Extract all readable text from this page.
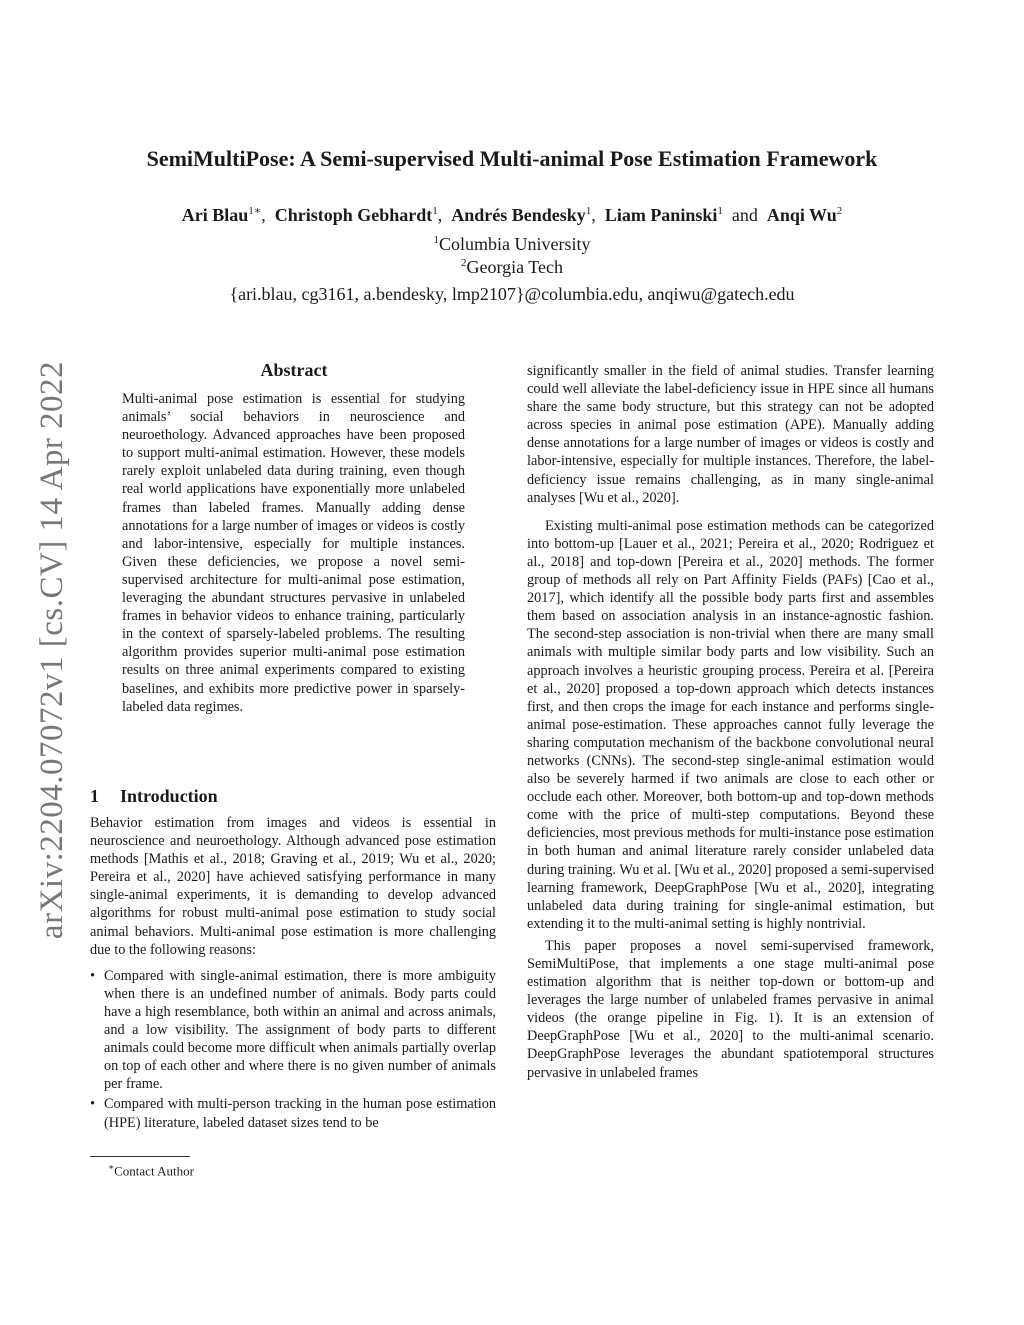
arXiv:2204.07072v1 [cs.CV] 14 Apr 2022
SemiMultiPose: A Semi-supervised Multi-animal Pose Estimation Framework
Ari Blau$^{1∗}$, Christoph Gebhardt$^1$, Andrés Bendesky$^1$, Liam Paninski$^1$ and Anqi Wu$^2$
$^1$Columbia University
$^2$Georgia Tech
{ari.blau, cg3161, a.bendesky, lmp2107}@columbia.edu, anqiwu@gatech.edu
Abstract
Multi-animal pose estimation is essential for studying animals’ social behaviors in neuroscience and neuroethology. Advanced approaches have been proposed to support multi-animal estimation. However, these models rarely exploit unlabeled data during training, even though real world applications have exponentially more unlabeled frames than labeled frames. Manually adding dense annotations for a large number of images or videos is costly and labor-intensive, especially for multiple instances. Given these deficiencies, we propose a novel semi-supervised architecture for multi-animal pose estimation, leveraging the abundant structures pervasive in unlabeled frames in behavior videos to enhance training, particularly in the context of sparsely-labeled problems. The resulting algorithm provides superior multi-animal pose estimation results on three animal experiments compared to existing baselines, and exhibits more predictive power in sparsely-labeled data regimes.
1 Introduction

Behavior estimation from images and videos is essential in neuroscience and neuroethology. Although advanced pose estimation methods [Mathis et al., 2018; Graving et al., 2019; Wu et al., 2020; Pereira et al., 2020] have achieved satisfying performance in many single-animal experiments, it is demanding to develop advanced algorithms for robust multi-animal pose estimation to study social animal behaviors. Multi-animal pose estimation is more challenging due to the following reasons:

• Compared with single-animal estimation, there is more ambiguity when there is an undefined number of animals. Body parts could have a high resemblance, both within an animal and across animals, and a low visibility. The assignment of body parts to different animals could become more difficult when animals partially overlap on top of each other and where there is no given number of animals per frame.
• Compared with multi-person tracking in the human pose estimation (HPE) literature, labeled dataset sizes tend to be
∗Contact Author

significantly smaller in the field of animal studies. Transfer learning could well alleviate the label-deficiency issue in HPE since all humans share the same body structure, but this strategy can not be adopted across species in animal pose estimation (APE). Manually adding dense annotations for a large number of images or videos is costly and labor-intensive, especially for multiple instances. Therefore, the label-deficiency issue remains challenging, as in many single-animal analyses [Wu et al., 2020].

Existing multi-animal pose estimation methods can be categorized into bottom-up [Lauer et al., 2021; Pereira et al., 2020; Rodriguez et al., 2018] and top-down [Pereira et al., 2020] methods. The former group of methods all rely on Part Affinity Fields (PAFs) [Cao et al., 2017], which identify all the possible body parts first and assembles them based on association analysis in an instance-agnostic fashion. The second-step association is non-trivial when there are many small animals with multiple similar body parts and low visibility. Such an approach involves a heuristic grouping process. Pereira et al. [Pereira et al., 2020] proposed a top-down approach which detects instances first, and then crops the image for each instance and performs single-animal pose-estimation. These approaches cannot fully leverage the sharing computation mechanism of the backbone convolutional neural networks (CNNs). The second-step single-animal estimation would also be severely harmed if two animals are close to each other or occlude each other. Moreover, both bottom-up and top-down methods come with the price of multi-step computations. Beyond these deficiencies, most previous methods for multi-instance pose estimation in both human and animal literature rarely consider unlabeled data during training. Wu et al. [Wu et al., 2020] proposed a semi-supervised learning framework, DeepGraphPose [Wu et al., 2020], integrating unlabeled data during training for single-animal estimation, but extending it to the multi-animal setting is highly nontrivial.

This paper proposes a novel semi-supervised framework, SemiMultiPose, that implements a one stage multi-animal pose estimation algorithm that is neither top-down or bottom-up and leverages the large number of unlabeled frames pervasive in animal videos (the orange pipeline in Fig. 1). It is an extension of DeepGraphPose [Wu et al., 2020] to the multi-animal scenario. DeepGraphPose leverages the abundant spatiotemporal structures pervasive in unlabeled frames
